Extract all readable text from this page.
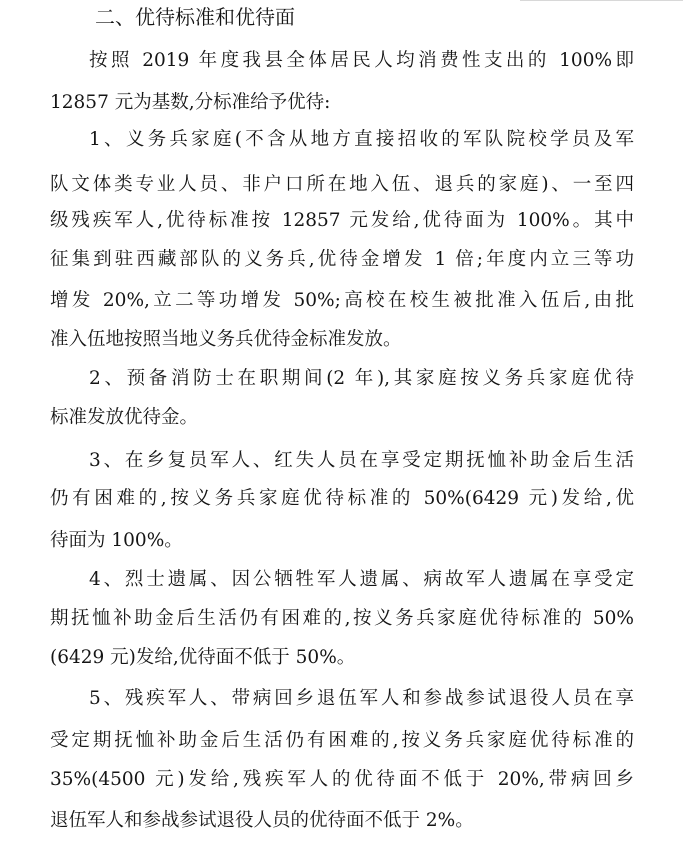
二、优待标准和优待面
按照 2019 年度我县全体居民人均消费性支出的 100%即
12857 元为基数,分标准给予优待:
1、义务兵家庭(不含从地方直接招收的军队院校学员及军
队文体类专业人员、非户口所在地入伍、退兵的家庭)、一至四
级残疾军人,优待标准按 12857 元发给,优待面为 100%。其中
征集到驻西藏部队的义务兵,优待金增发 1 倍;年度内立三等功
增发 20%,立二等功增发 50%;高校在校生被批准入伍后,由批
准入伍地按照当地义务兵优待金标准发放。
2、预备消防士在职期间(2 年),其家庭按义务兵家庭优待
标准发放优待金。
3、在乡复员军人、红失人员在享受定期抚恤补助金后生活
仍有困难的,按义务兵家庭优待标准的 50%(6429 元)发给,优
待面为 100%。
4、烈士遗属、因公牺牲军人遗属、病故军人遗属在享受定
期抚恤补助金后生活仍有困难的,按义务兵家庭优待标准的 50%
(6429 元)发给,优待面不低于 50%。
5、残疾军人、带病回乡退伍军人和参战参试退役人员在享
受定期抚恤补助金后生活仍有困难的,按义务兵家庭优待标准的
35%(4500 元)发给,残疾军人的优待面不低于 20%,带病回乡
退伍军人和参战参试退役人员的优待面不低于 2%。
